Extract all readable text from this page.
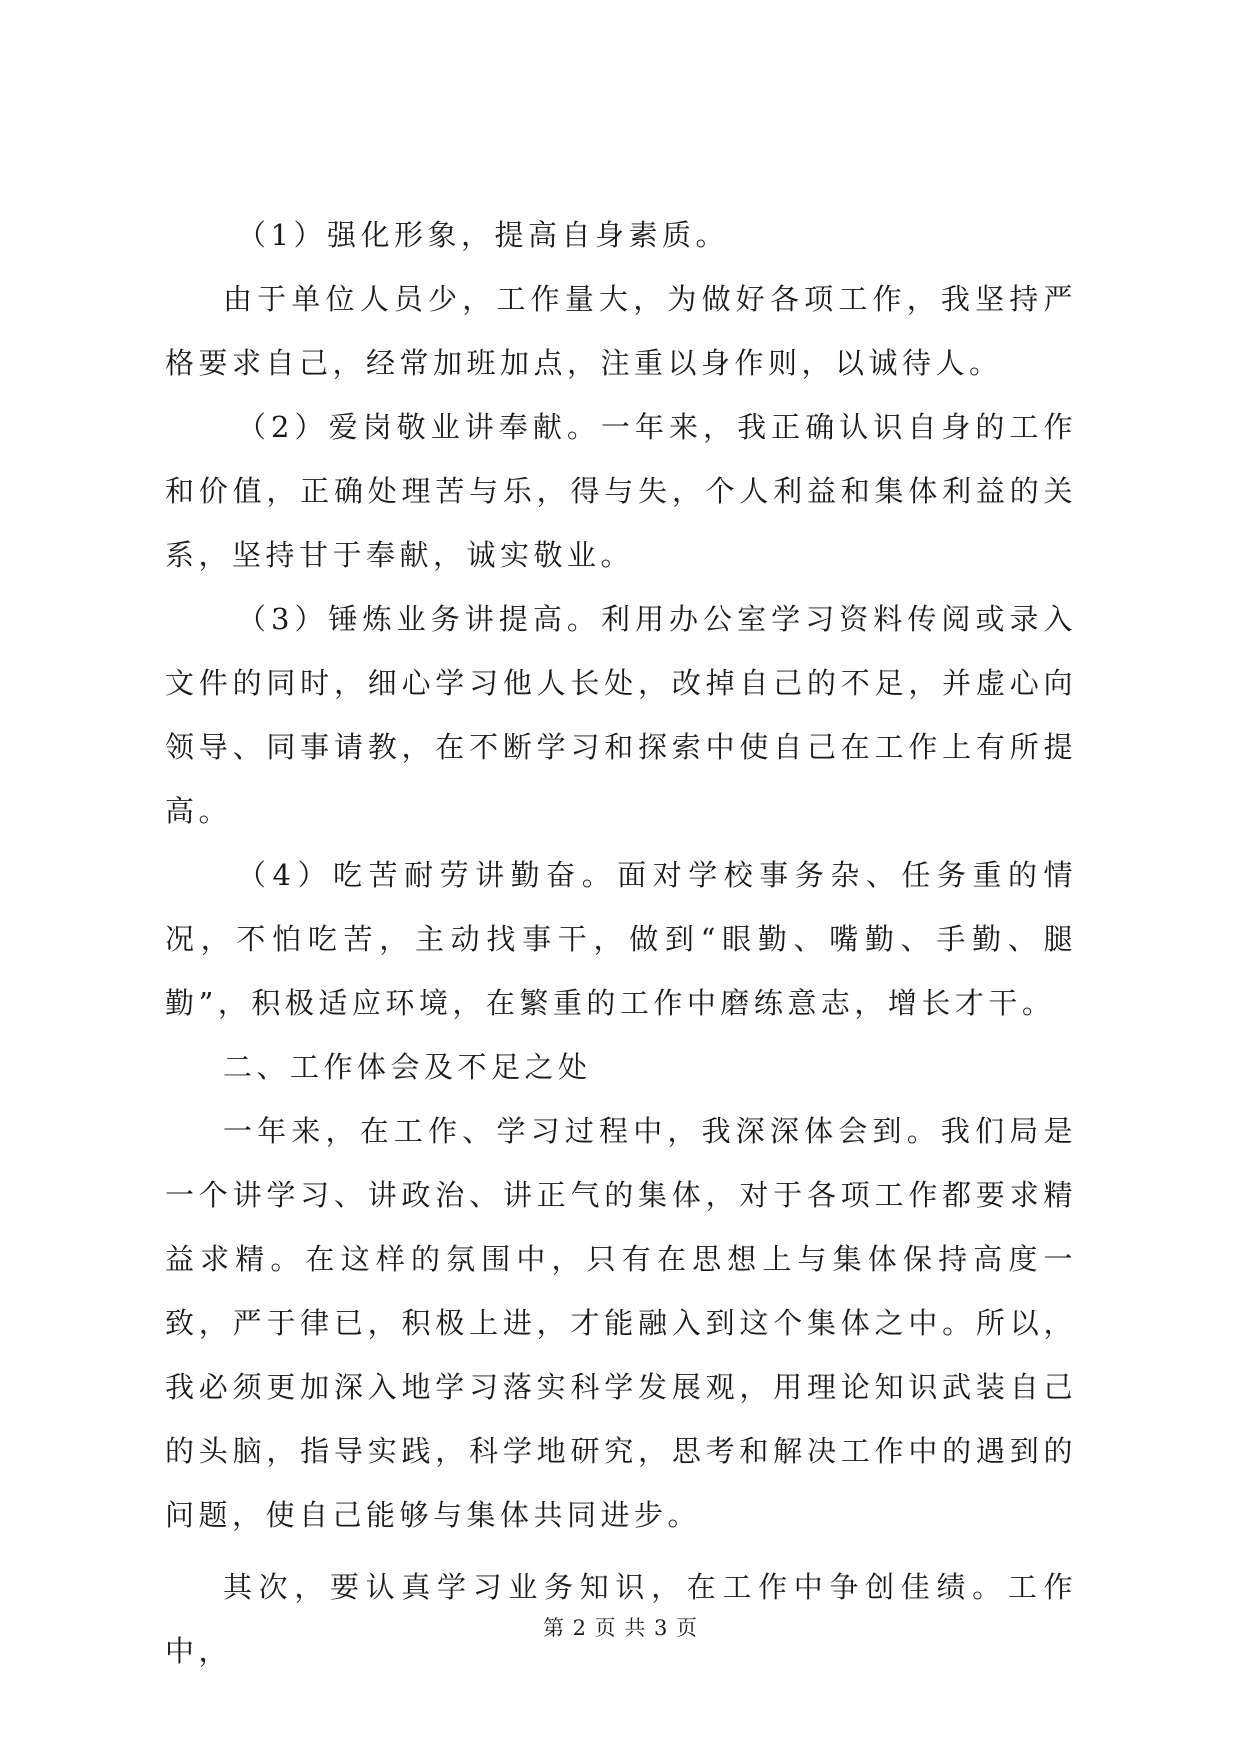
（1）强化形象，提高自身素质。

由于单位人员少，工作量大，为做好各项工作，我坚持严格要求自己，经常加班加点，注重以身作则，以诚待人。

（2）爱岗敬业讲奉献。一年来，我正确认识自身的工作和价值，正确处理苦与乐，得与失，个人利益和集体利益的关系，坚持甘于奉献，诚实敬业。

（3）锤炼业务讲提高。利用办公室学习资料传阅或录入文件的同时，细心学习他人长处，改掉自己的不足，并虚心向领导、同事请教，在不断学习和探索中使自己在工作上有所提高。

（4）吃苦耐劳讲勤奋。面对学校事务杂、任务重的情况，不怕吃苦，主动找事干，做到“眼勤、嘴勤、手勤、腿勤”，积极适应环境，在繁重的工作中磨练意志，增长才干。

二、工作体会及不足之处

一年来，在工作、学习过程中，我深深体会到。我们局是一个讲学习、讲政治、讲正气的集体，对于各项工作都要求精益求精。在这样的氛围中，只有在思想上与集体保持高度一致，严于律已，积极上进，才能融入到这个集体之中。所以，我必须更加深入地学习落实科学发展观，用理论知识武装自己的头脑，指导实践，科学地研究，思考和解决工作中的遇到的问题，使自己能够与集体共同进步。

其次，要认真学习业务知识，在工作中争创佳绩。工作中，

第 2 页 共 3 页
